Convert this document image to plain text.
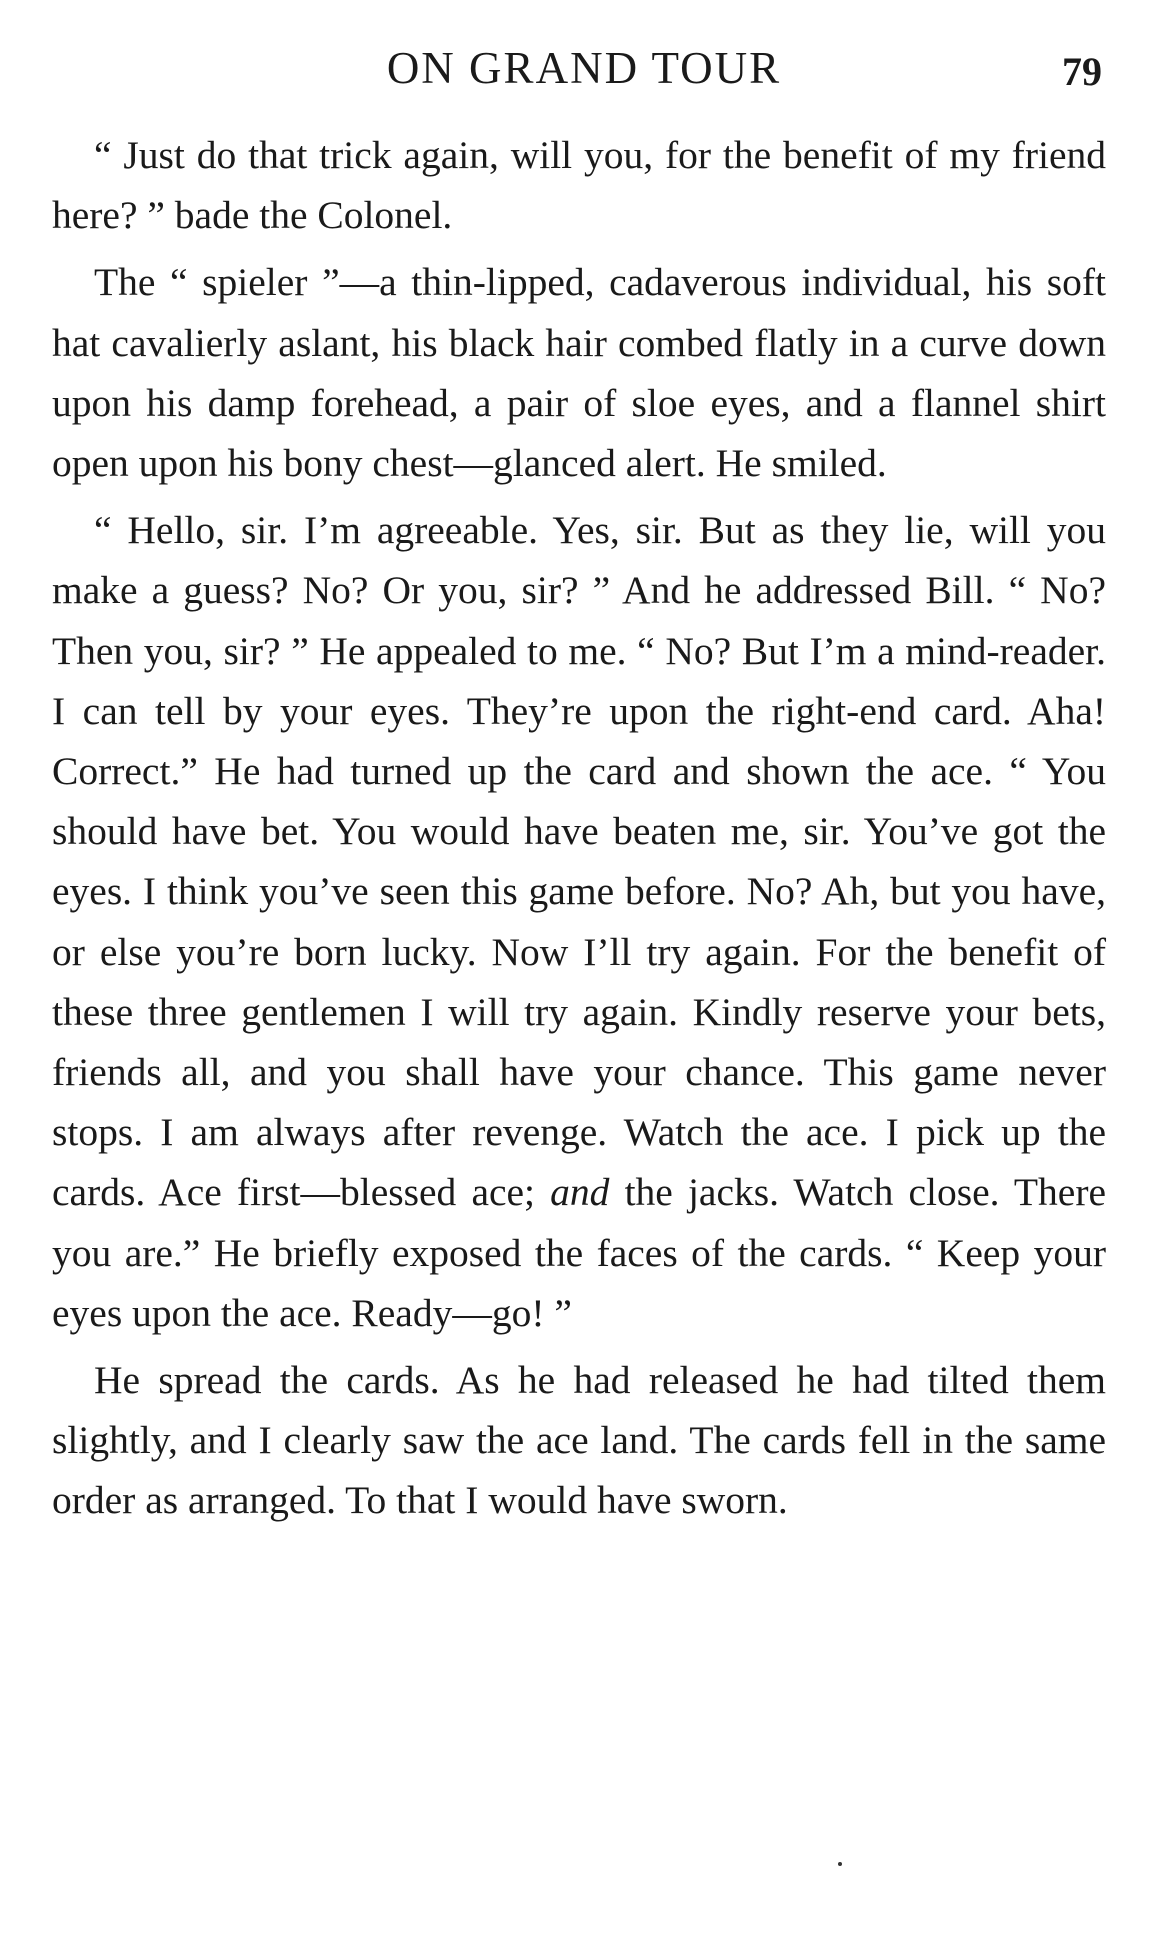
ON GRAND TOUR	79

“ Just do that trick again, will you, for the benefit of my friend here? ” bade the Colonel.

The “ spieler ”—a thin-lipped, cadaverous individual, his soft hat cavalierly aslant, his black hair combed flatly in a curve down upon his damp forehead, a pair of sloe eyes, and a flannel shirt open upon his bony chest—glanced alert. He smiled.

“ Hello, sir. I’m agreeable. Yes, sir. But as they lie, will you make a guess? No? Or you, sir? ” And he addressed Bill. “ No? Then you, sir? ” He appealed to me. “ No? But I’m a mind-reader. I can tell by your eyes. They’re upon the right-end card. Aha! Correct.” He had turned up the card and shown the ace. “ You should have bet. You would have beaten me, sir. You’ve got the eyes. I think you’ve seen this game before. No? Ah, but you have, or else you’re born lucky. Now I’ll try again. For the benefit of these three gentlemen I will try again. Kindly reserve your bets, friends all, and you shall have your chance. This game never stops. I am always after revenge. Watch the ace. I pick up the cards. Ace first—blessed ace; and the jacks. Watch close. There you are.” He briefly exposed the faces of the cards. “ Keep your eyes upon the ace. Ready—go! ”

He spread the cards. As he had released he had tilted them slightly, and I clearly saw the ace land. The cards fell in the same order as arranged. To that I would have sworn.
